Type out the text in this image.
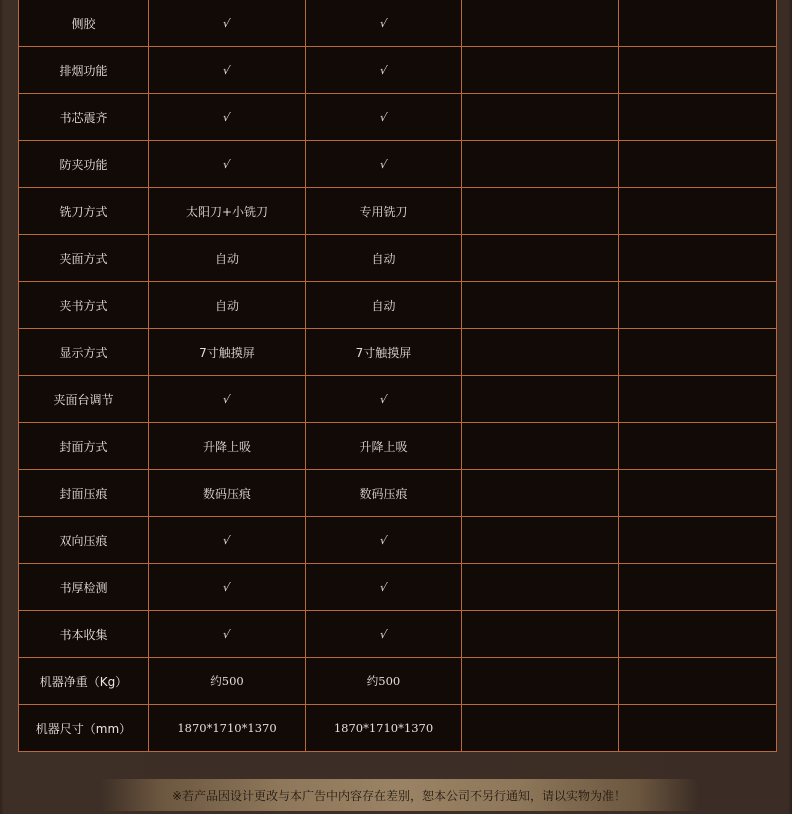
侧胶	√	√		
排烟功能	√	√		
书芯震齐	√	√		
防夹功能	√	√		
铣刀方式	太阳刀+小铣刀	专用铣刀		
夹面方式	自动	自动		
夹书方式	自动	自动		
显示方式	7寸触摸屏	7寸触摸屏		
夹面台调节	√	√		
封面方式	升降上吸	升降上吸		
封面压痕	数码压痕	数码压痕		
双向压痕	√	√		
书厚检测	√	√		
书本收集	√	√		
机器净重（Kg）	约500	约500		
机器尺寸（mm）	1870*1710*1370	1870*1710*1370		
※若产品因设计更改与本广告中内容存在差别，恕本公司不另行通知，请以实物为准！
